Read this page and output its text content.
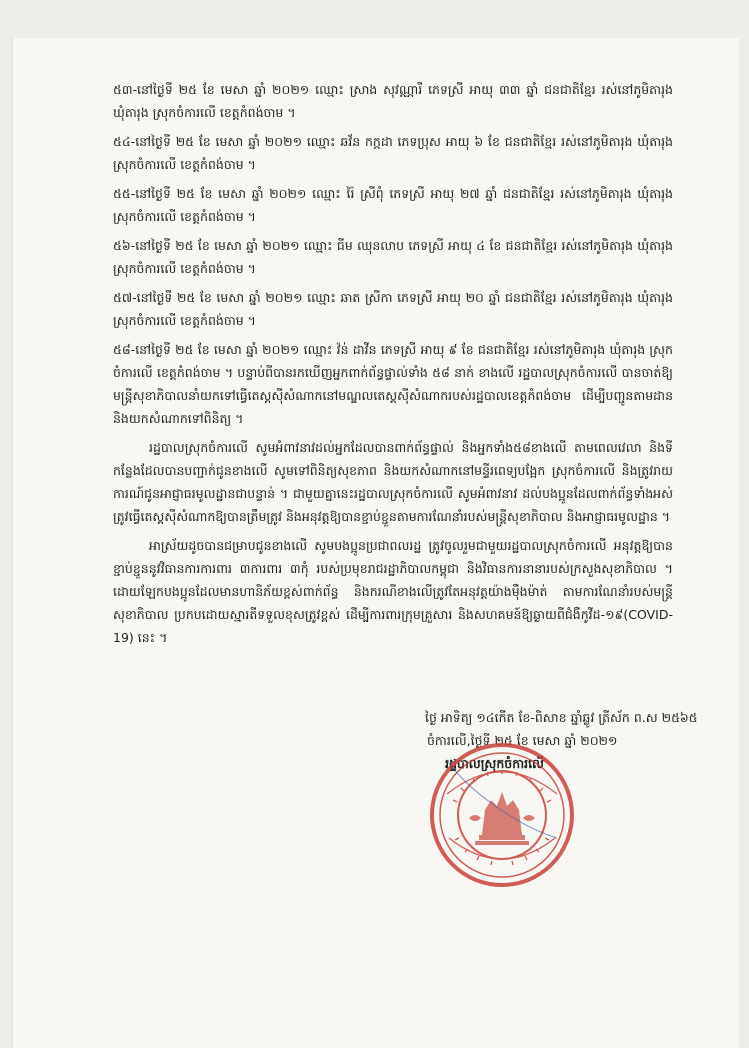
៥៣-នៅថ្ងៃទី ២៥ ខែ មេសា ឆ្នាំ ២០២១ ឈ្មោះ ស្រាង សុវណ្ណារី ភេទស្រី អាយុ ៣៣ ឆ្នាំ ជនជាតិខ្មែរ រស់នៅភូមិតារុង ឃុំតារុង ស្រុកចំការលើ ខេត្តកំពង់ចាម ។

៥៤-នៅថ្ងៃទី ២៥ ខែ មេសា ឆ្នាំ ២០២១ ឈ្មោះ ឆវ័ន កក្កដា ភេទប្រុស អាយុ ៦ ខែ ជនជាតិខ្មែរ រស់នៅភូមិតារុង ឃុំតារុង ស្រុកចំការលើ ខេត្តកំពង់ចាម ។

៥៥-នៅថ្ងៃទី ២៥ ខែ មេសា ឆ្នាំ ២០២១ ឈ្មោះ រ៉ៃ ស្រីពុំ ភេទស្រី អាយុ ២៧ ឆ្នាំ ជនជាតិខ្មែរ រស់នៅភូមិតារុង ឃុំតារុង ស្រុកចំការលើ ខេត្តកំពង់ចាម ។

៥៦-នៅថ្ងៃទី ២៥ ខែ មេសា ឆ្នាំ ២០២១ ឈ្មោះ ធីម ឈុនលាប ភេទស្រី អាយុ ៤ ខែ ជនជាតិខ្មែរ រស់នៅភូមិតារុង ឃុំតារុង ស្រុកចំការលើ ខេត្តកំពង់ចាម ។

៥៧-នៅថ្ងៃទី ២៥ ខែ មេសា ឆ្នាំ ២០២១ ឈ្មោះ ឆាត ស្រីកា ភេទស្រី អាយុ ២០ ឆ្នាំ ជនជាតិខ្មែរ រស់នៅភូមិតារុង ឃុំតារុង ស្រុកចំការលើ ខេត្តកំពង់ចាម ។

៥៨-នៅថ្ងៃទី ២៥ ខែ មេសា ឆ្នាំ ២០២១ ឈ្មោះ វ៉ន់ ដាវីន ភេទស្រី អាយុ ៩ ខែ ជនជាតិខ្មែរ រស់នៅភូមិតារុង ឃុំតារុង ស្រុកចំការលើ ខេត្តកំពង់ចាម ។ បន្ទាប់ពីបានរកឃើញអ្នកពាក់ព័ន្ធផ្ទាល់ទាំង ៥៨ នាក់ ខាងលើ រដ្ឋបាលស្រុកចំការលើ បានចាត់ឱ្យមន្ត្រីសុខាភិបាលនាំយកទៅធ្វើតេស្តស៊ីសំណាកនៅមណ្ឌលតេស្តស៊ីសំណាករបស់រដ្ឋបាលខេត្តកំពង់ចាម ដើម្បីបញ្ជូនតាមដាន និងយកសំណាកទៅពិនិត្យ ។

រដ្ឋបាលស្រុកចំការលើ សូមអំពាវនាវដល់អ្នកដែលបានពាក់ព័ន្ធផ្ទាល់ និងអ្នកទាំង៥៨ខាងលើ តាមពេលវេលា និងទីកន្លែងដែលបានបញ្ជាក់ជូនខាងលើ សូមទៅពិនិត្យសុខភាព និងយកសំណាកនៅមន្ទីរពេទ្យបង្អែក ស្រុកចំការលើ និងត្រូវរាយការណ៍ជូនអាជ្ញាធរមូលដ្ឋានជាបន្ទាន់ ។ ជាមួយគ្នានេះរដ្ឋបាលស្រុកចំការលើ សូមអំពាវនាវ ដល់បងប្អូនដែលពាក់ព័ន្ធទាំងអស់ត្រូវធ្វើតេស្តស៊ីសំណាកឱ្យបានត្រឹមត្រូវ និងអនុវត្តឱ្យបានខ្ជាប់ខ្ជួនតាមការណែនាំរបស់មន្ត្រីសុខាភិបាល និងអាជ្ញាធរមូលដ្ឋាន ។

អាស្រ័យដូចបានជម្រាបជូនខាងលើ សូមបងប្អូនប្រជាពលរដ្ឋ ត្រូវចូលរួមជាមួយរដ្ឋបាលស្រុកចំការលើ អនុវត្តឱ្យបានខ្ជាប់ខ្ជួននូវវិធានការការពារ ៣ការពារ ៣កុំ របស់ប្រមុខរាជរដ្ឋាភិបាលកម្ពុជា និងវិធានការនានារបស់ក្រសួងសុខាភិបាល ។ ដោយឡែកបងប្អូនដែលមានហានិភ័យខ្ពស់ពាក់ព័ន្ធ និងករណីខាងលើត្រូវតែអនុវត្តយ៉ាងម៉ឺងម៉ាត់ តាមការណែនាំរបស់មន្ត្រីសុខាភិបាល ប្រកបដោយស្មារតីទទួលខុសត្រូវខ្ពស់ ដើម្បីការពារក្រុមគ្រួសារ និងសហគមន៍ឱ្យឆ្ងាយពីជំងឺកូវីដ-១៩(COVID-19) នេះ ។

ថ្ងៃ អាទិត្យ ១៤កើត ខែ-ពិសាខ ឆ្នាំឆ្លូវ ត្រីស័ក ព.ស ២៥៦៥

ចំការលើ,ថ្ងៃទី ២៥ ខែ មេសា ឆ្នាំ ២០២១

រដ្ឋបាលស្រុកចំការលើ
